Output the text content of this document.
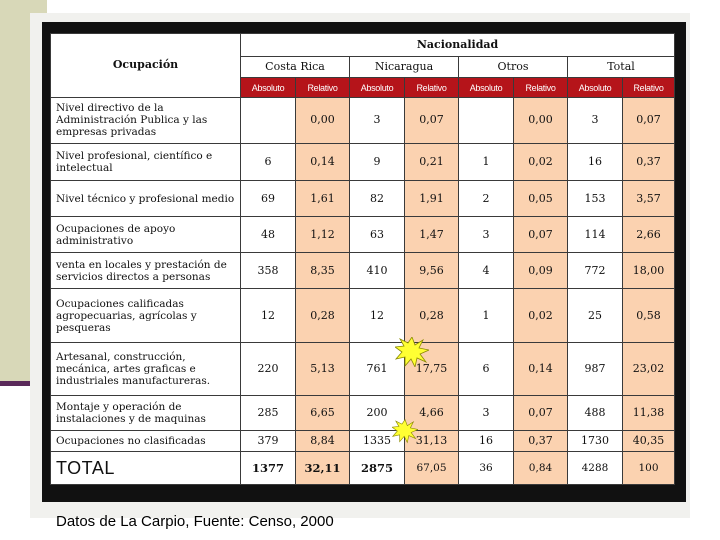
Ocupación	Nacionalidad							
	Costa Rica		Nicaragua		Otros		Total	
	Absoluto	Relativo	Absoluto	Relativo	Absoluto	Relativo	Absoluto	Relativo
Nivel directivo de la Administración Publica y las empresas privadas		0,00	3	0,07		0,00	3	0,07
Nivel profesional, científico e intelectual	6	0,14	9	0,21	1	0,02	16	0,37
Nivel técnico y profesional medio	69	1,61	82	1,91	2	0,05	153	3,57
Ocupaciones de apoyo administrativo	48	1,12	63	1,47	3	0,07	114	2,66
venta en locales y prestación de servicios directos a personas	358	8,35	410	9,56	4	0,09	772	18,00
Ocupaciones calificadas agropecuarias, agrícolas y pesqueras	12	0,28	12	0,28	1	0,02	25	0,58
Artesanal, construcción, mecánica, artes graficas e industriales manufactureras.	220	5,13	761	17,75	6	0,14	987	23,02
Montaje y operación de instalaciones y de maquinas	285	6,65	200	4,66	3	0,07	488	11,38
Ocupaciones no clasificadas	379	8,84	1335	31,13	16	0,37	1730	40,35
TOTAL	1377	32,11	2875	67,05	36	0,84	4288	100
Datos de La Carpio, Fuente: Censo, 2000
